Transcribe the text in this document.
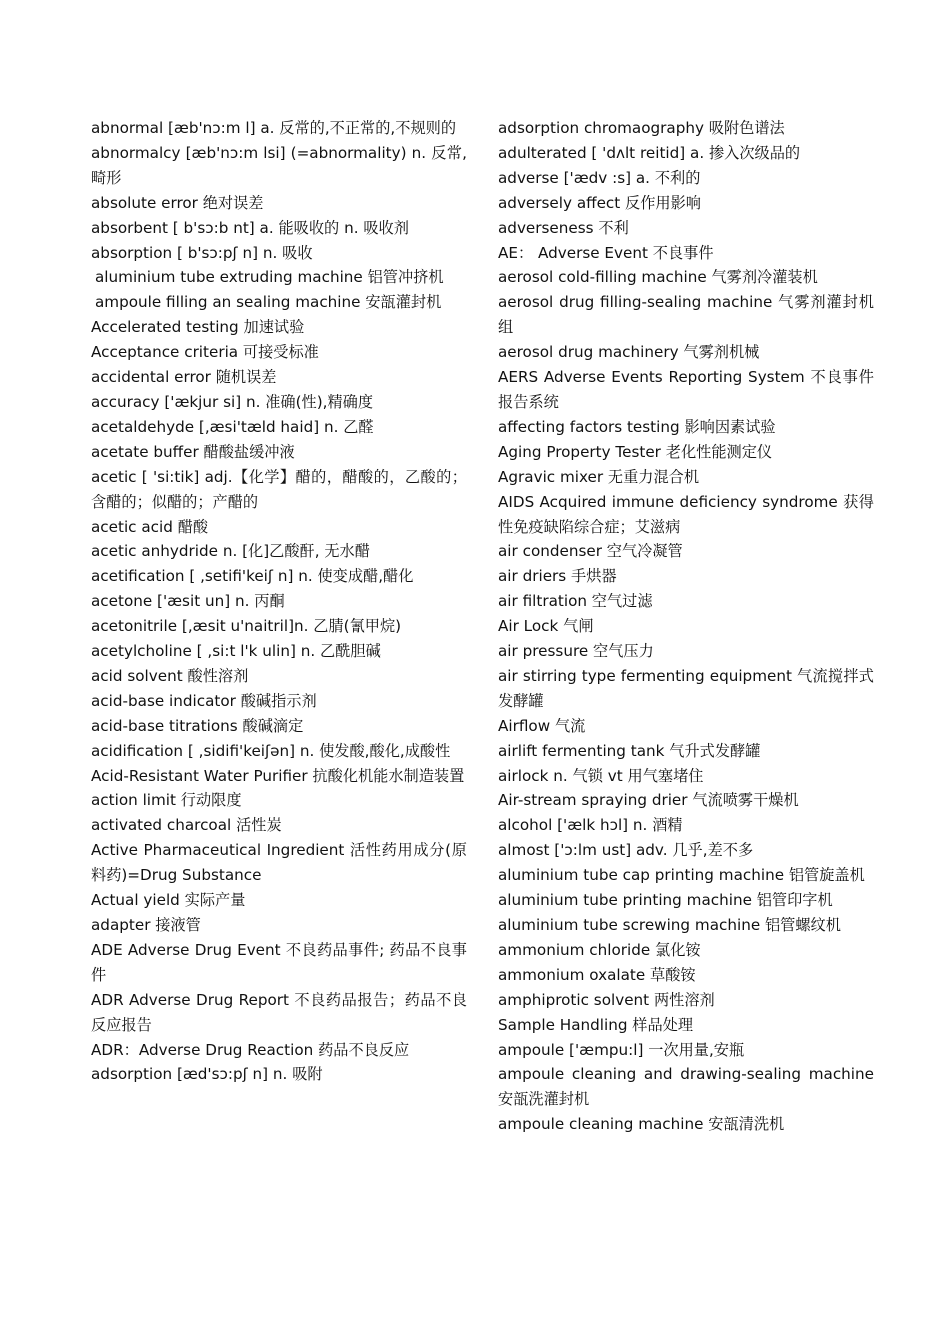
abnormal [æb'nɔ:m l] a. 反常的,不正常的,不规则的
abnormalcy [æb'nɔ:m lsi] (=abnormality) n. 反常, 畸形
absolute error 绝对误差
absorbent [ b'sɔ:b nt] a. 能吸收的 n. 吸收剂
absorption [ b'sɔ:pʃ n] n. 吸收
aluminium tube extruding machine 铝管冲挤机
ampoule filling an sealing machine 安瓿灌封机
Accelerated testing 加速试验
Acceptance criteria 可接受标准
accidental error 随机误差
accuracy ['ækjur si] n. 准确(性),精确度
acetaldehyde [,æsi'tæld haid] n. 乙醛
acetate buffer 醋酸盐缓冲液
acetic [ 'si:tik] adj.【化学】醋的，醋酸的，乙酸的；含醋的；似醋的；产醋的
acetic acid 醋酸
acetic anhydride n. [化]乙酸酐, 无水醋
acetification [ ,setifi'keiʃ n] n. 使变成醋,醋化
acetone ['æsit un] n. 丙酮
acetonitrile [,æsit u'naitril]n. 乙腈(氰甲烷)
acetylcholine [ ,si:t l'k ulin] n. 乙酰胆碱
acid solvent 酸性溶剂
acid-base indicator 酸碱指示剂
acid-base titrations 酸碱滴定
acidification [ ,sidifi'keiʃən] n. 使发酸,酸化,成酸性
Acid-Resistant Water Purifier 抗酸化机能水制造装置
action limit 行动限度
activated charcoal 活性炭
Active Pharmaceutical Ingredient 活性药用成分(原料药)=Drug Substance
Actual yield 实际产量
adapter 接液管
ADE Adverse Drug Event 不良药品事件; 药品不良事件
ADR Adverse Drug Report 不良药品报告；药品不良反应报告
ADR：Adverse Drug Reaction 药品不良反应
adsorption [æd'sɔ:pʃ n] n. 吸附
adsorption chromaography 吸附色谱法
adulterated [ 'dʌlt reitid] a. 掺入次级品的
adverse ['ædv :s] a. 不利的
adversely affect 反作用影响
adverseness 不利
AE： Adverse Event 不良事件
aerosol cold-filling machine 气雾剂冷灌装机
aerosol drug filling-sealing machine 气雾剂灌封机组
aerosol drug machinery 气雾剂机械
AERS Adverse Events Reporting System 不良事件报告系统
affecting factors testing 影响因素试验
Aging Property Tester 老化性能测定仪
Agravic mixer 无重力混合机
AIDS Acquired immune deficiency syndrome 获得性免疫缺陷综合症；艾滋病
air condenser 空气冷凝管
air driers 手烘器
air filtration 空气过滤
Air Lock 气闸
air pressure 空气压力
air stirring type fermenting equipment 气流搅拌式发酵罐
Airflow 气流
airlift fermenting tank 气升式发酵罐
airlock n. 气锁 vt 用气塞堵住
Air-stream spraying drier 气流喷雾干燥机
alcohol ['ælk hɔl] n. 酒精
almost ['ɔ:lm ust] adv. 几乎,差不多
aluminium tube cap printing machine 铝管旋盖机
aluminium tube printing machine 铝管印字机
aluminium tube screwing machine 铝管螺纹机
ammonium chloride 氯化铵
ammonium oxalate 草酸铵
amphiprotic solvent 两性溶剂
Sample Handling 样品处理
ampoule ['æmpu:l] 一次用量,安瓶
ampoule cleaning and drawing-sealing machine 安瓿洗灌封机
ampoule cleaning machine 安瓿清洗机
